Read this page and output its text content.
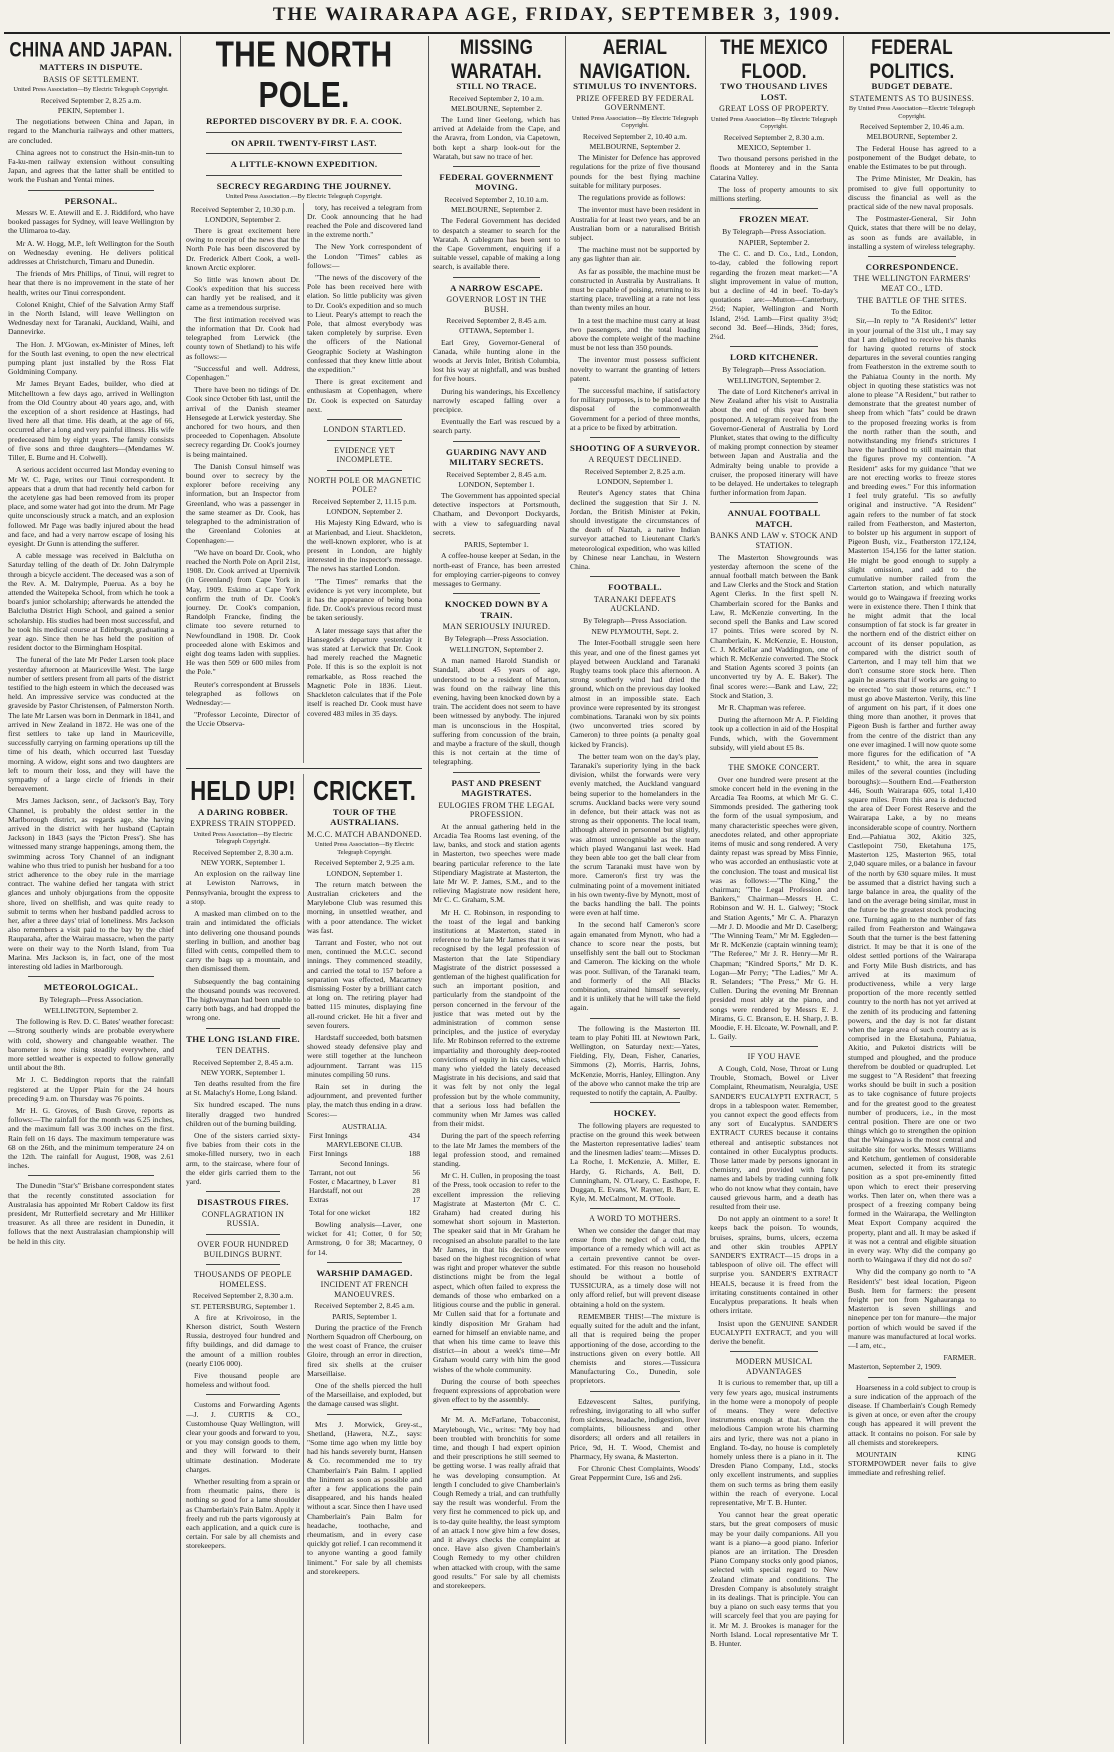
THE WAIRARAPA AGE, FRIDAY, SEPTEMBER 3, 1909.
CHINA AND JAPAN.
MATTERS IN DISPUTE.
BASIS OF SETTLEMENT.
United Press Association—By Electric Telegraph Copyright.
Received September 2, 8.25 a.m.
PEKIN, September 1.

The negotiations between China and Japan, in regard to the Manchuria railways and other matters, are concluded.

China agrees not to construct the Hsin-min-tun to Fa-ku-men railway extension without consulting Japan, and agrees that the latter shall be entitled to work the Fushan and Yentai mines.

PERSONAL.

Messrs W. E. Atewill and E. J. Riddiford, who have booked passages for Sydney, will leave Wellington by the Ulimaroa to-day.

Mr A. W. Hogg, M.P., left Wellington for the South on Wednesday evening. He delivers political addresses at Christchurch, Timaru and Dunedin.

The friends of Mrs Phillips, of Tinui, will regret to hear that there is no improvement in the state of her health, writes our Tinui correspondent.

Colonel Knight, Chief of the Salvation Army Staff in the North Island, will leave Wellington on Wednesday next for Taranaki, Auckland, Waihi, and Dannevirke.

The Hon. J. M'Gowan, ex-Minister of Mines, left for the South last evening, to open the new electrical pumping plant just installed by the Ross Flat Goldmining Company.

Mr James Bryant Eades, builder, who died at Mitchelltown a few days ago, arrived in Wellington from the Old Country about 40 years ago, and, with the exception of a short residence at Hastings, had lived here all that time. His death, at the age of 66, occurred after a long and very painful illness. His wife predeceased him by eight years. The family consists of five sons and three daughters—(Mendames W. Tiller, E. Burne and H. Colwell).

A serious accident occurred last Monday evening to Mr W. C. Page, writes our Tinui correspondent. It appears that a drum that had recently held carbon for the acetylene gas had been removed from its proper place, and some water had got into the drum. Mr Page quite unconsciously struck a match, and an explosion followed. Mr Page was badly injured about the head and face, and had a very narrow escape of losing his eyesight. Dr Gunn is attending the sufferer.

A cable message was received in Balclutha on Saturday telling of the death of Dr. John Dalrymple through a bicycle accident. The deceased was a son of the Rev. A. M. Dalrymple, Puerua. As a boy he attended the Waitepeka School, from which he took a board's junior scholarship; afterwards he attended the Balclutha District High School, and gained a senior scholarship. His studies had been most successful, and he took his medical course at Edinburgh, graduating a year ago. Since then he has held the position of resident doctor to the Birmingham Hospital.

The funeral of the late Mr Peder Larsen took place yesterday afternoon at Mauriceville West. The large number of settlers present from all parts of the district testified to the high esteem in which the deceased was held. An impressive service was conducted at the graveside by Pastor Christensen, of Palmerston North. The late Mr Larsen was born in Denmark in 1841, and arrived in New Zealand in 1872. He was one of the first settlers to take up land in Mauriceville, successfully carrying on farming operations up till the time of his death, which occurred last Tuesday morning. A widow, eight sons and two daughters are left to mourn their loss, and they will have the sympathy of a large circle of friends in their bereavement.

Mrs James Jackson, senr., of Jackson's Bay, Tory Channel, is probably the oldest settler in the Marlborough district, as regards age, she having arrived in the district with her husband (Captain Jackson) in 1843 (says the 'Picton Press'). She has witnessed many strange happenings, among them, the swimming across Tory Channel of an indignant wahine who thus tried to punish her husband for a too strict adherence to the obey rule in the marriage contract. The wahine defied her tangata with strict glances and unholy objurgations from the opposite shore, lived on shellfish, and was quite ready to submit to terms when her husband paddled across to her, after a three days' trial of loneliness. Mrs Jackson also remembers a visit paid to the bay by the chief Rauparaha, after the Wairau massacre, when the party were on their way to the North Island, from Tua Marina. Mrs Jackson is, in fact, one of the most interesting old ladies in Marlborough.

METEOROLOGICAL.
By Telegraph—Press Association.
WELLINGTON, September 2.

The following is Rev. D. C. Bates' weather forecast:—Strong southerly winds are probable everywhere with cold, showery and changeable weather. The barometer is now rising steadily everywhere, and more settled weather is expected to follow generally until about the 8th.

Mr J. C. Beddington reports that the rainfall registered at the Upper Plain for the 24 hours preceding 9 a.m. on Thursday was 76 points.

Mr H. G. Groves, of Bush Grove, reports as follows:—The rainfall for the month was 6.25 inches, and the maximum fall was 3.00 inches on the first. Rain fell on 16 days. The maximum temperature was 68 on the 26th, and the minimum temperature 24 on the 12th. The rainfall for August, 1908, was 2.61 inches.

The Dunedin "Star's" Brisbane correspondent states that the recently constituted association for Australasia has appointed Mr Robert Caldow its first president, Mr Rutterfield secretary and Mr Hilliker treasurer. As all three are resident in Dunedin, it follows that the next Australasian championship will be held in this city.

THE NORTH POLE.
REPORTED DISCOVERY BY DR. F. A. COOK.
ON APRIL TWENTY-FIRST LAST.
A LITTLE-KNOWN EXPEDITION.
SECRECY REGARDING THE JOURNEY.
United Press Association.—By Electric Telegraph Copyright.
Received September 2, 10.30 p.m.
LONDON, September 2.

There is great excitement here owing to receipt of the news that the North Pole has been discovered by Dr. Frederick Albert Cook, a well-known Arctic explorer.

So little was known about Dr. Cook's expedition that his success can hardly yet be realised, and it came as a tremendous surprise.

The first intimation received was the information that Dr. Cook had telegraphed from Lerwick (the county town of Shetland) to his wife as follows:—

"Successful and well. Address, Copenhagen."

There have been no tidings of Dr. Cook since October 6th last, until the arrival of the Danish steamer Hensegede at Lerwick yesterday. She anchored for two hours, and then proceeded to Copenhagen. Absolute secrecy regarding Dr. Cook's journey is being maintained.

The Danish Consul himself was bound over to secrecy by the explorer before receiving any information, but an Inspector from Greenland, who was a passenger in the same steamer as Dr. Cook, has telegraphed to the administration of the Greenland Colonies at Copenhagen:—

"We have on board Dr. Cook, who reached the North Pole on April 21st, 1908. Dr. Cook arrived at Upernivik (in Greenland) from Cape York in May, 1909. Eskimo at Cape York confirm the truth of Dr. Cook's journey. Dr. Cook's companion, Randolph Francke, finding the climate too severe returned to Newfoundland in 1908. Dr. Cook proceeded alone with Eskimos and eight dog teams laden with supplies. He was then 509 or 600 miles from the Pole."

Reuter's correspondent at Brussels telegraphed as follows on Wednesday:—

"Professor Lecointe, Director of the Uccie Observa-

tory, has received a telegram from Dr. Cook announcing that he had reached the Pole and discovered land in the extreme north."

The New York correspondent of the London "Times" cables as follows:—

"The news of the discovery of the Pole has been received here with elation. So little publicity was given to Dr. Cook's expedition and so much to Lieut. Peary's attempt to reach the Pole, that almost everybody was taken completely by surprise. Even the officers of the National Geographic Society at Washington confessed that they knew little about the expedition."

There is great excitement and enthusiasm at Copenhagen, where Dr. Cook is expected on Saturday next.

LONDON STARTLED.
EVIDENCE YET INCOMPLETE.
NORTH POLE OR MAGNETIC POLE?
Received September 2, 11.15 p.m.
LONDON, September 2.

His Majesty King Edward, who is at Marienbad, and Lieut. Shackleton, the well-known explorer, who is at present in London, are highly interested in the inspector's message. The news has startled London.

"The Times" remarks that the evidence is yet very incomplete, but it has the appearance of being bona fide. Dr. Cook's previous record must be taken seriously.

A later message says that after the Hansegede's departure yesterday it was stated at Lerwick that Dr. Cook had merely reached the Magnetic Pole. If this is so the exploit is not remarkable, as Ross reached the Magnetic Pole in 1836. Lieut. Shackleton calculates that if the Pole itself is reached Dr. Cook must have covered 483 miles in 35 days.

HELD UP!
A DARING ROBBER.
EXPRESS TRAIN STOPPED.
United Press Association—By Electric Telegraph Copyright.
Received September 2, 8.30 a.m.
NEW YORK, September 1.

An explosion on the railway line at Lewiston Narrows, in Pennsylvania, brought the express to a stop.

A masked man climbed on to the train and intimidated the officials into delivering one thousand pounds sterling in bullion, and another bag filled with cents, compelled them to carry the bags up a mountain, and then dismissed them.

Subsequently the bag containing the thousand pounds was recovered. The highwayman had been unable to carry both bags, and had dropped the wrong one.

THE LONG ISLAND FIRE.
TEN DEATHS.
Received September 2, 8.45 a.m.
NEW YORK, September 1.

Ten deaths resulted from the fire at St. Malachy's Home, Long Island.

Six hundred escaped. The nuns literally dragged two hundred children out of the burning building.

One of the sisters carried sixty-five babies from their cots in the smoke-filled nursery, two in each arm, to the staircase, where four of the elder girls carried them to the yard.

DISASTROUS FIRES.
CONFLAGRATION IN RUSSIA.
OVER FOUR HUNDRED BUILDINGS BURNT.
THOUSANDS OF PEOPLE HOMELESS.
Received September 2, 8.30 a.m.
ST. PETERSBURG, September 1.

A fire at Krivoiroso, in the Kherson district, South Western Russia, destroyed four hundred and fifty buildings, and did damage to the amount of a million roubles (nearly £106 000).

Five thousand people are homeless and without food.

Customs and Forwarding Agents—J. J. CURTIS & CO., Customhouse Quay Wellington, will clear your goods and forward to you, or you may consign goods to them, and they will forward to their ultimate destination. Moderate charges.

Whether resulting from a sprain or from rheumatic pains, there is nothing so good for a lame shoulder as Chamberlain's Pain Balm. Apply it freely and rub the parts vigorously at each application, and a quick cure is certain. For sale by all chemists and storekeepers.

CRICKET.
TOUR OF THE AUSTRALIANS.
M.C.C. MATCH ABANDONED.
United Press Association—By Electric Telegraph Copyright.
Received September 2, 9.25 a.m.
LONDON, September 1.

The return match between the Australian cricketers and the Marylebone Club was resumed this morning, in unsettled weather, and with a poor attendance. The wicket was fast.

Tarrant and Foster, who not out men, continued the M.C.C. second innings. They commenced steadily, and carried the total to 157 before a separation was effected, Macartney dismissing Foster by a brilliant catch at long on. The retiring player had batted 115 minutes, displaying fine all-round cricket. He hit a fiver and seven fourers.

Hardstaff succeeded, both batsmen showed steady defensive play and were still together at the luncheon adjournment. Tarrant was 115 minutes compiling 50 runs.

Rain set in during the adjournment, and prevented further play, the match thus ending in a draw. Scores:—

AUSTRALIA.
First Innings	434
MARYLEBONE CLUB.
First Innings	188
Second Innings.
Tarrant, not out	56
Foster, c Macartney, b Laver 81
Hardstaff, not out	28
Extras	17
Total for one wicket	182

Bowling analysis—Laver, one wicket for 41; Cotter, 0 for 50; Armstrong, 0 for 38; Macartney, 0 for 14.

WARSHIP DAMAGED.
INCIDENT AT FRENCH MANOEUVRES.
Received September 2, 8.45 a.m.
PARIS, September 1.

During the practice of the French Northern Squadron off Cherbourg, on the west coast of France, the cruiser Gloire, through an error in direction, fired six shells at the cruiser Marseillaise.

One of the shells pierced the hull of the Marseillaise, and exploded, but the damage caused was slight.

Mrs J. Morwick, Grey-st., Shetland, (Hawera, N.Z., says: "Some time ago when my little boy had his hands severely burnt, Hansen & Co. recommended me to try Chamberlain's Pain Balm. I applied the liniment as soon as possible and after a few applications the pain disappeared, and his hands healed without a scar. Since then I have used Chamberlain's Pain Balm for headache, toothache, and rheumatism, and in every case quickly got relief. I can recommend it to anyone wanting a good family liniment." For sale by all chemists and storekeepers.

MISSING WARATAH.
STILL NO TRACE.
Received September 2, 10 a.m.
MELBOURNE, September 2.

The Lund liner Geelong, which has arrived at Adelaide from the Cape, and the Aravra, from London, via Capetown, both kept a sharp look-out for the Waratah, but saw no trace of her.

FEDERAL GOVERNMENT MOVING.
Received September 2, 10.10 a.m.
MELBOURNE, September 2.

The Federal Government has decided to despatch a steamer to search for the Waratah. A cablegram has been sent to the Cape Government, enquiring if a suitable vessel, capable of making a long search, is available there.

A NARROW ESCAPE.
GOVERNOR LOST IN THE BUSH.
Received September 2, 8.45 a.m.
OTTAWA, September 1.

Earl Grey, Governor-General of Canada, while hunting alone in the woods at Jervis Inlet, British Columbia, lost his way at nightfall, and was bushed for five hours.

During his wanderings, his Excellency narrowly escaped falling over a precipice.

Eventually the Earl was rescued by a search party.

GUARDING NAVY AND MILITARY SECRETS.
Received September 2, 8.45 a.m.
LONDON, September 1.

The Government has appointed special detective inspectors at Portsmouth, Chatham, and Devonport Dockyards, with a view to safeguarding naval secrets.

PARIS, September 1.

A coffee-house keeper at Sedan, in the north-east of France, has been arrested for employing carrier-pigeons to convey messages to Germany.

KNOCKED DOWN BY A TRAIN.
MAN SERIOUSLY INJURED.
By Telegraph—Press Association.
WELLINGTON, September 2.

A man named Harold Standish or Standall, about 45 years of age, understood to be a resident of Marton, was found on the railway line this evening, having been knocked down by a train. The accident does not seem to have been witnessed by anybody. The injured man is unconscious in the Hospital, suffering from concussion of the brain, and maybe a fracture of the skull, though this is not certain at the time of telegraphing.

PAST AND PRESENT MAGISTRATES.
EULOGIES FROM THE LEGAL PROFESSION.

At the annual gathering held in the Arcadia Tea Rooms last evening, of the law, banks, and stock and station agents in Masterton, two speeches were made bearing particular reference to the late Stipendiary Magistrate at Masterton, the late Mr W. P. James, S.M., and to the relieving Magistrate now resident here, Mr C. C. Graham, S.M.

Mr H. C. Robinson, in responding to the toast of the legal and banking institutions at Masterton, stated in reference to the late Mr James that it was recognised by the legal profession of Masterton that the late Stipendiary Magistrate of the district possessed a gentleman of the highest qualification for such an important position, and particularly from the standpoint of the person concerned in the fervour of the justice that was meted out by the administration of common sense principles, and the justice of everyday life. Mr Robinson referred to the extreme impartiality and thoroughly deep-rooted convictions of equity in his cases, which many who yielded the lately deceased Magistrate in his decisions, and said that it was felt by not only the legal profession but by the whole community, that a serious loss had befallen the community when Mr James was called from their midst.

During the part of the speech referring to the late Mr James the members of the legal profession stood, and remained standing.

Mr C. H. Cullen, in proposing the toast of the Press, took occasion to refer to the excellent impression the relieving Magistrate at Masterton (Mr C. C. Graham) had created during his somewhat short sojourn in Masterton. The speaker said that in Mr Graham he recognised an absolute parallel to the late Mr James, in that his decisions were based on the highest recognition of what was right and proper whatever the subtle distinctions might be from the legal aspect, which often failed to express the demands of those who embarked on a litigious course and the public in general. Mr Cullen said that for a fortunate and kindly disposition Mr Graham had earned for himself an enviable name, and that when his time came to leave this district—in about a week's time—Mr Graham would carry with him the good wishes of the whole community.

During the course of both speeches frequent expressions of approbation were given effect to by the assembly.

Mr M. A. McFarlane, Tobacconist, Marylebough, Vic., writes: "My boy had been troubled with bronchitis for some time, and though I had expert opinion and their prescriptions he still seemed to be getting worse. I was really afraid that he was developing consumption. At length I concluded to give Chamberlain's Cough Remedy a trial, and can truthfully say the result was wonderful. From the very first he commenced to pick up, and is to-day quite healthy, the least symptom of an attack I now give him a few doses, and it always checks the complaint at once. Have also given Chamberlain's Cough Remedy to my other children when attacked with croup, with the same good results." For sale by all chemists and storekeepers.

AERIAL NAVIGATION.
STIMULUS TO INVENTORS.
PRIZE OFFERED BY FEDERAL GOVERNMENT.
United Press Association—By Electric Telegraph Copyright.
Received September 2, 10.40 a.m.
MELBOURNE, September 2.

The Minister for Defence has approved regulations for the prize of five thousand pounds for the best flying machine suitable for military purposes.

The regulations provide as follows:

The inventor must have been resident in Australia for at least two years, and be an Australian born or a naturalised British subject.

The machine must not be supported by any gas lighter than air.

As far as possible, the machine must be constructed in Australia by Australians. It must be capable of poising, returning to its starting place, travelling at a rate not less than twenty miles an hour.

In a test the machine must carry at least two passengers, and the total loading above the complete weight of the machine must be not less than 350 pounds.

The inventor must possess sufficient novelty to warrant the granting of letters patent.

The successful machine, if satisfactory for military purposes, is to be placed at the disposal of the commonwealth Government for a period of three months, at a price to be fixed by arbitration.

SHOOTING OF A SURVEYOR.
A REQUEST DECLINED.
Received September 2, 8.25 a.m.
LONDON, September 1.

Reuter's Agency states that China declined the suggestion that Sir J. N. Jordan, the British Minister at Pekin, should investigate the circumstances of the death of Naztah, a native Indian surveyor attached to Lieutenant Clark's meteorological expedition, who was killed by Chinese near Lanchau, in Western China.

FOOTBALL.
TARANAKI DEFEATS AUCKLAND.
By Telegraph—Press Association.
NEW PLYMOUTH, Sept. 2.

The Inter-Football struggle seen here this year, and one of the finest games yet played between Auckland and Taranaki Rugby teams took place this afternoon. A strong southerly wind had dried the ground, which on the previous day looked almost in an impossible state. Each province were represented by its strongest combinations. Taranaki won by six points (two unconverted tries scored by Cameron) to three points (a penalty goal kicked by Francis).

The better team won on the day's play, Taranaki's superiority lying in the back division, whilst the forwards were very evenly matched, the Auckland vanguard being superior to the homelanders in the scrums. Auckland backs were very sound in defence, but their attack was not as strong as their opponents. The local team, although altered in personnel but slightly, was almost unrecognisable as the team which played Wanganui last week. Had they been able too get the ball clear from the scrum Taranaki must have won by more. Cameron's first try was the culminating point of a movement initiated in his own twenty-five by Mynott, most of the backs handling the ball. The points were even at half time.

In the second half Cameron's score again emanated from Mynott, who had a chance to score near the posts, but unselfishly sent the ball out to Stockman and Cameron. The kicking on the whole was poor. Sullivan, of the Taranaki team, and formerly of the All Blacks combination, strained himself severely, and it is unlikely that he will take the field again.

The following is the Masterton III. team to play Pohiti III. at Newtown Park, Wellington, on Saturday next:—Yates, Fielding, Fly, Dean, Fisher, Canaries, Simmons (2), Morris, Harris, Johns, McKenzie, Morris, Hanley, Ellington. Any of the above who cannot make the trip are requested to notify the captain, A. Paulby.

HOCKEY.

The following players are requested to practise on the ground this week between the Masterton representative ladies' team and the linesmen ladies' team:—Misses D. La Roche, I. McKenzie, A. Miller, E. Hardy, G. Richards, A. Bell, D. Cunningham, N. O'Leary, C. Easthope, F. Duggan, E. Evans, W. Rayner, B. Barr, E. Kyle, M. McCalmont, M. O'Toole.

A WORD TO MOTHERS.

When we consider the danger that may ensue from the neglect of a cold, the importance of a remedy which will act as a certain preventive cannot be over-estimated. For this reason no household should be without a bottle of TUSSICURA, as a timely dose will not only afford relief, but will prevent disease obtaining a hold on the system.

REMEMBER THIS!—The mixture is equally suited for the adult and the infant, all that is required being the proper apportioning of the dose, according to the instructions given on every bottle. All chemists and stores.—Tussicura Manufacturing Co., Dunedin, sole proprietors.

Edzevescent Saltes, purifying, refreshing, invigorating to all who suffer from sickness, headache, indigestion, liver complaints, biliousness and other disorders; all orders and all retailers in Price, 9d, H. T. Wood, Chemist and Pharmacy, Hy swana, & Masterton.

For Chronic Chest Complaints, Woods' Great Peppermint Cure, 1s6 and 2s6.

THE MEXICO FLOOD.
TWO THOUSAND LIVES LOST.
GREAT LOSS OF PROPERTY.
United Press Association—By Electric Telegraph Copyright.
Received September 2, 8.30 a.m.
MEXICO, September 1.

Two thousand persons perished in the floods at Monterey and in the Santa Catarina Valley.

The loss of property amounts to six millions sterling.

FROZEN MEAT.
By Telegraph—Press Association.
NAPIER, September 2.

The C. C. and D. Co., Ltd., London, to-day, cabled the following report regarding the frozen meat market:—"A slight improvement in value of mutton, but a decline of 4d in beef. To-day's quotations are:—Mutton—Canterbury, 2½d; Napier, Wellington and North Island, 2½d. Lamb—First quality 3½d; second 3d. Beef—Hinds, 3¾d; fores, 2¼d.

LORD KITCHENER.
By Telegraph—Press Association.
WELLINGTON, September 2.

The date of Lord Kitchener's arrival in New Zealand after his visit to Australia about the end of this year has been postponed. A telegram received from the Governor-General of Australia by Lord Plunket, states that owing to the difficulty of making prompt connection by steamer between Japan and Australia and the Admiralty being unable to provide a cruiser, the proposed itinerary will have to be delayed. He undertakes to telegraph further information from Japan.

ANNUAL FOOTBALL MATCH.
BANKS AND LAW v. STOCK AND STATION.

The Masterton Showgrounds was yesterday afternoon the scene of the annual football match between the Bank and Law Clerks and the Stock and Station Agent Clerks. In the first spell N. Chamberlain scored for the Banks and Law, R. McKenzie converting. In the second spell the Banks and Law scored 17 points. Tries were scored by N. Chamberlain, K. McKenzie, E. Houston, C. J. McKellar and Waddington, one of which R. McKenzie converted. The Stock and Station Agents scored 3 points (an unconverted try by A. E. Baker). The final scores were:—Bank and Law, 22; Stock and Station, 3.

Mr R. Chapman was referee.

During the afternoon Mr A. P. Fielding took up a collection in aid of the Hospital Funds, which, with the Government subsidy, will yield about £5 8s.

THE SMOKE CONCERT.

Over one hundred were present at the smoke concert held in the evening in the Arcadia Tea Rooms, at which Mr G. C. Simmonds presided. The gathering took the form of the usual symposium, and many characteristic speeches were given, anecdotes related, and other appropriate items of music and song rendered. A very dainty repast was spread by Miss Finnie, who was accorded an enthusiastic vote at the conclusion. The toast and musical list was as follows:—"The King," the chairman; "The Legal Profession and Bankers," Chairman—Messrs H. C. Robinson and W. H. L. Galwey; "Stock and Station Agents," Mr C. A. Pharazyn—Mr J. D. Moodie and Mr D. Caselberg; "The Winning Team," Mr M. Eggleden—Mr R. McKenzie (captain winning team); "The Referee," Mr J. R. Henry—Mr R. Chapman; "Kindred Sports," Mr D. K. Logan—Mr Perry; "The Ladies," Mr A. R. Selanders; "The Press," Mr G. H. Cullen. During the evening Mr Brennan presided most ably at the piano, and songs were rendered by Messrs E. J. Mirams, G. C. Branson, E. H. Sharp, J. B. Moodie, F. H. Elcoate, W. Pownall, and P. L. Gaily.

IF YOU HAVE

A Cough, Cold, Nose, Throat or Lung Trouble, Stomach, Bowel or Liver Complaint, Rheumatism, Neuralgia, USE SANDER'S EUCALYPTI EXTRACT, 5 drops in a tablespoon water. Remember, you cannot expect the good effects from any sort of Eucalyptus. SANDER'S EXTRACT CURES because it contains ethereal and antiseptic substances not contained in other Eucalyptus products. Those latter made by persons ignorant in chemistry, and provided with fancy names and labels by trading cunning folk who do not know what they contain, have caused grievous harm, and a death has resulted from their use.

Do not apply an ointment to a sore! It keeps back the poison. To wounds, bruises, sprains, burns, ulcers, eczema and other skin troubles APPLY SANDER'S EXTRACT—15 drops in a tablespoon of olive oil. The effect will surprise you. SANDER'S EXTRACT HEALS, because it is freed from the irritating constituents contained in other Eucalyptus preparations. It heals when others irritate.

Insist upon the GENUINE SANDER EUCALYPTI EXTRACT, and you will derive the benefit.

MODERN MUSICAL ADVANTAGES

It is curious to remember that, up till a very few years ago, musical instruments in the home were a monopoly of people of means. They were defective instruments enough at that. When the melodious Campion wrote his charming airs and lyric, there was not a piano in England. To-day, no house is completely homely unless there is a piano in it. The Dresden Piano Company, Ltd., stocks only excellent instruments, and supplies them on such terms as bring them easily within the reach of everyone. Local representative, Mr T. B. Hunter.

You cannot hear the great operatic stars, but the great composers of music may be your daily companions. All you want is a piano—a good piano. Inferior pianos are an irritation. The Dresden Piano Company stocks only good pianos, selected with special regard to New Zealand climate and conditions. The Dresden Company is absolutely straight in its dealings. That is principle. You can buy a piano on such easy terms that you will scarcely feel that you are paying for it. Mr M. J. Brookes is manager for the North Island. Local representative Mr T. B. Hunter.

FEDERAL POLITICS.
BUDGET DEBATE.
STATEMENTS AS TO BUSINESS.
By United Press Association—Electric Telegraph Copyright.
Received September 2, 10.46 a.m.
MELBOURNE, September 2.

The Federal House has agreed to a postponement of the Budget debate, to enable the Estimates to be put through.

The Prime Minister, Mr Deakin, has promised to give full opportunity to discuss the financial as well as the practical side of the new naval proposals.

The Postmaster-General, Sir John Quick, states that there will be no delay, as soon as funds are available, in installing a system of wireless telegraphy.

CORRESPONDENCE.
THE WELLINGTON FARMERS' MEAT CO., LTD.
THE BATTLE OF THE SITES.
To the Editor.

Sir,—In reply to "A Resident's" letter in your journal of the 31st ult., I may say that I am delighted to receive his thanks for having quoted returns of stock departures in the several counties ranging from Featherston in the extreme south to the Pahiatua County in the north. My object in quoting these statistics was not alone to please "A Resident," but rather to demonstrate that the greatest number of sheep from which "fats" could be drawn to the proposed freezing works is from the north rather than the south, and notwithstanding my friend's strictures I have the hardihood to still maintain that the figures prove my contention. "A Resident" asks for my guidance "that we are not erecting works to freeze stores and breeding ewes." For this information I feel truly grateful. 'Tis so awfully original and instructive. "A Resident" again refers to the number of fat stock railed from Featherston, and Masterton, to bolster up his argument in support of Pigeon Bush, viz., Featherston 172,124, Masterton 154,156 for the latter station. He might be good enough to supply a slight omission, and add to the cumulative number railed from the Carterton station, and which naturally would go to Waingawa if freezing works were in existence there. Then I think that he might admit that the local consumption of fat stock is far greater in the northern end of the district either on account of its denser population, as compared with the district south of Carterton, and I may tell him that we don't consume store stock here. Then again he asserts that if works are going to be erected "to suit those returns, etc." I must go above Masterton. Verily, this line of argument on his part, if it does one thing more than another, it proves that Pigeon Bush is farther and further away from the centre of the district than any one ever imagined. I will now quote some more figures for the edification of "A Resident," to whit, the area in square miles of the several counties (including boroughs):—Southern End.—Featherston 446, South Wairarapa 605, total 1,410 square miles. From this area is deducted the area of Deer Forest Reserve and the Wairarapa Lake, a by no means inconsiderable scope of country. Northern End.—Pahiatua 302, Akitio 325, Castlepoint 750, Eketahuna 175, Masterton 125, Masterton 965, total 2,040 square miles, or a balance in favour of the north by 630 square miles. It must be assumed that a district having such a large balance in area, the quality of the land on the average being similar, must in the future be the greatest stock producing one. Turning again to the number of fats railed from Featherston and Waingawa South that the turner is the best fattening district. It may be that it is one of the oldest settled portions of the Wairarapa and Forty Mile Bush districts, and has arrived at its maximum of productiveness, while a very large proportion of the more recently settled country to the north has not yet arrived at the zenith of its producing and fattening powers, and the day is not far distant when the large area of such country as is comprised in the Eketahuna, Pahiatua, Akitio, and Puketoi districts will be stumped and ploughed, and the produce therefrom be doubled or quadrupled. Let me suggest to "A Resident" that freezing works should be built in such a position as to take cognisance of future projects and for the greatest good to the greatest number of producers, i.e., in the most central position. There are one or two things which go to strengthen the opinion that the Waingawa is the most central and suitable site for works. Messrs Williams and Ketchum, gentlemen of considerable acumen, selected it from its strategic position as a spot pre-eminently fitted upon which to erect their preserving works. Then later on, when there was a prospect of a freezing company being formed in the Wairarapa, the Wellington Meat Export Company acquired the property, plant and all. It may be asked if it was not a central and eligible situation in every way. Why did the company go north to Waingawa if they did not do so?

Why did the company go north to "A Resident's" best ideal location, Pigeon Bush. Item for farmers: the present freight per ton from Ngahauranga to Masterton is seven shillings and ninepence per ton for manure—the major portion of which would be saved if the manure was manufactured at local works.—I am, etc.,

FARMER.
Masterton, September 2, 1909.

Hoarseness in a cold subject to croup is a sure indication of the approach of the disease. If Chamberlain's Cough Remedy is given at once, or even after the croupy cough has appeared it will prevent the attack. It contains no poison. For sale by all chemists and storekeepers.

MOUNTAIN KING STORMPOWDER never fails to give immediate and refreshing relief.
